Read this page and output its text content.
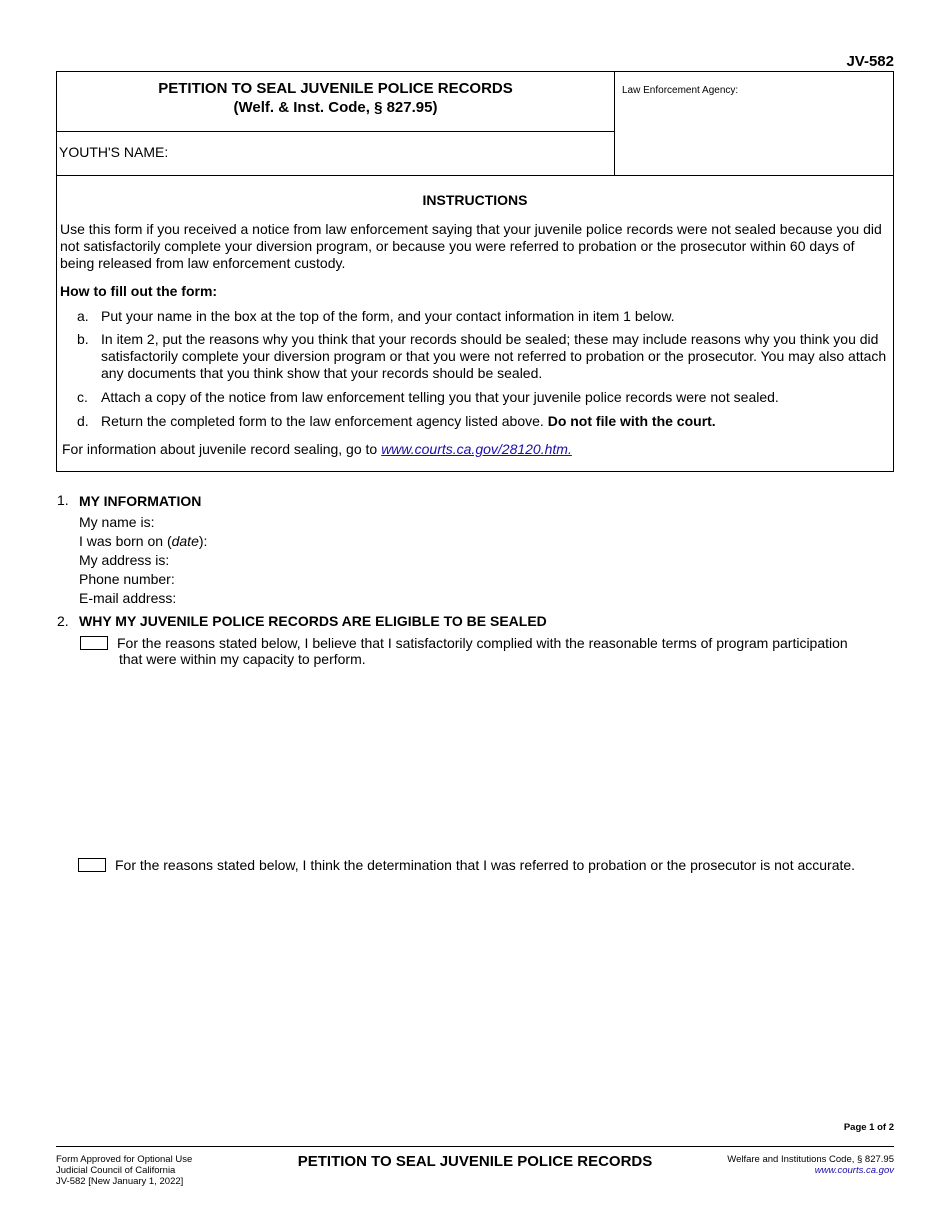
JV-582
PETITION TO SEAL JUVENILE POLICE RECORDS
(Welf. & Inst. Code, § 827.95)
YOUTH'S NAME:
Law Enforcement Agency:
INSTRUCTIONS
Use this form if you received a notice from law enforcement saying that your juvenile police records were not sealed because you did not satisfactorily complete your diversion program, or because you were referred to probation or the prosecutor within 60 days of being released from law enforcement custody.
How to fill out the form:
a. Put your name in the box at the top of the form, and your contact information in item 1 below.
b. In item 2, put the reasons why you think that your records should be sealed; these may include reasons why you think you did satisfactorily complete your diversion program or that you were not referred to probation or the prosecutor. You may also attach any documents that you think show that your records should be sealed.
c. Attach a copy of the notice from law enforcement telling you that your juvenile police records were not sealed.
d. Return the completed form to the law enforcement agency listed above. Do not file with the court.
For information about juvenile record sealing, go to www.courts.ca.gov/28120.htm.
1. MY INFORMATION
My name is:
I was born on (date):
My address is:
Phone number:
E-mail address:
2. WHY MY JUVENILE POLICE RECORDS ARE ELIGIBLE TO BE SEALED
For the reasons stated below, I believe that I satisfactorily complied with the reasonable terms of program participation
that were within my capacity to perform.
For the reasons stated below, I think the determination that I was referred to probation or the prosecutor is not accurate.
Page 1 of 2
Form Approved for Optional Use
Judicial Council of California
JV-582 [New January 1, 2022]
PETITION TO SEAL JUVENILE POLICE RECORDS	Welfare and Institutions Code, § 827.95
www.courts.ca.gov
